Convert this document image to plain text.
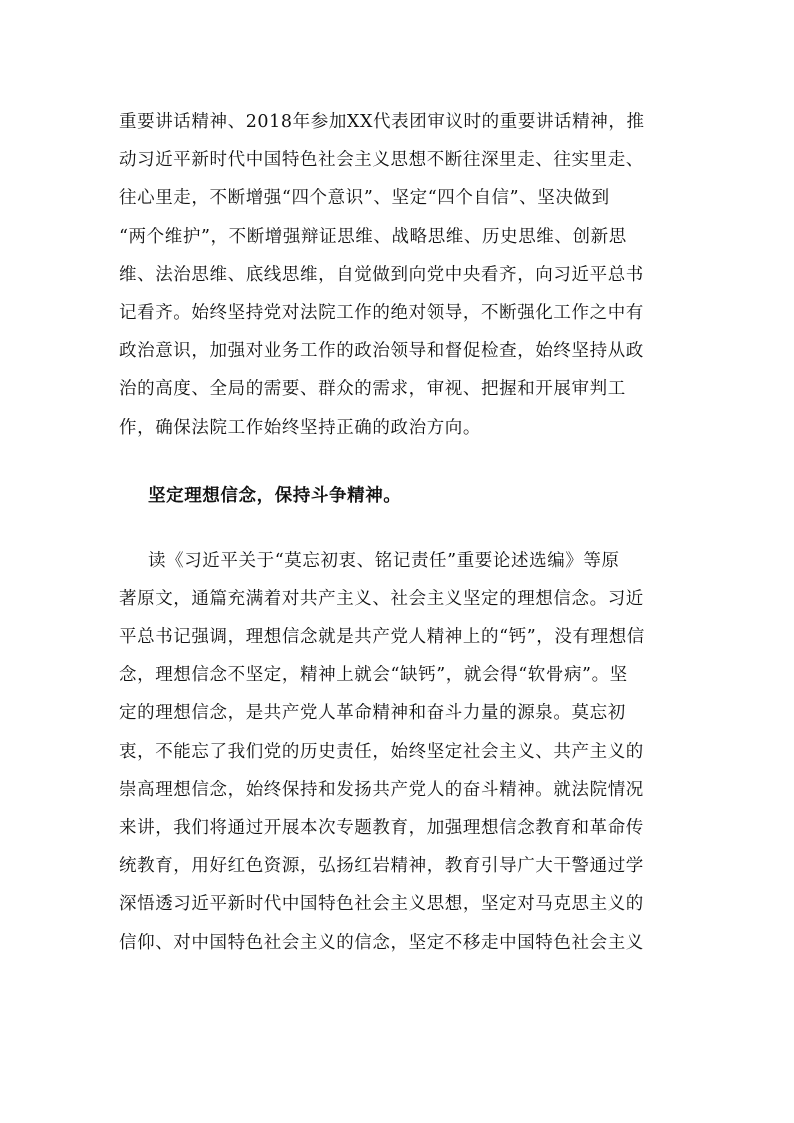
重要讲话精神、2018年参加XX代表团审议时的重要讲话精神，推
动习近平新时代中国特色社会主义思想不断往深里走、往实里走、
往心里走，不断增强“四个意识”、坚定“四个自信”、坚决做到
“两个维护”，不断增强辩证思维、战略思维、历史思维、创新思
维、法治思维、底线思维，自觉做到向党中央看齐，向习近平总书
记看齐。始终坚持党对法院工作的绝对领导，不断强化工作之中有
政治意识，加强对业务工作的政治领导和督促检查，始终坚持从政
治的高度、全局的需要、群众的需求，审视、把握和开展审判工
作，确保法院工作始终坚持正确的政治方向。
坚定理想信念，保持斗争精神。
读《习近平关于“莫忘初衷、铭记责任”重要论述选编》等原
著原文，通篇充满着对共产主义、社会主义坚定的理想信念。习近
平总书记强调，理想信念就是共产党人精神上的“钙”，没有理想信
念，理想信念不坚定，精神上就会“缺钙”，就会得“软骨病”。坚
定的理想信念，是共产党人革命精神和奋斗力量的源泉。莫忘初
衷，不能忘了我们党的历史责任，始终坚定社会主义、共产主义的
崇高理想信念，始终保持和发扬共产党人的奋斗精神。就法院情况
来讲，我们将通过开展本次专题教育，加强理想信念教育和革命传
统教育，用好红色资源，弘扬红岩精神，教育引导广大干警通过学
深悟透习近平新时代中国特色社会主义思想，坚定对马克思主义的
信仰、对中国特色社会主义的信念，坚定不移走中国特色社会主义
